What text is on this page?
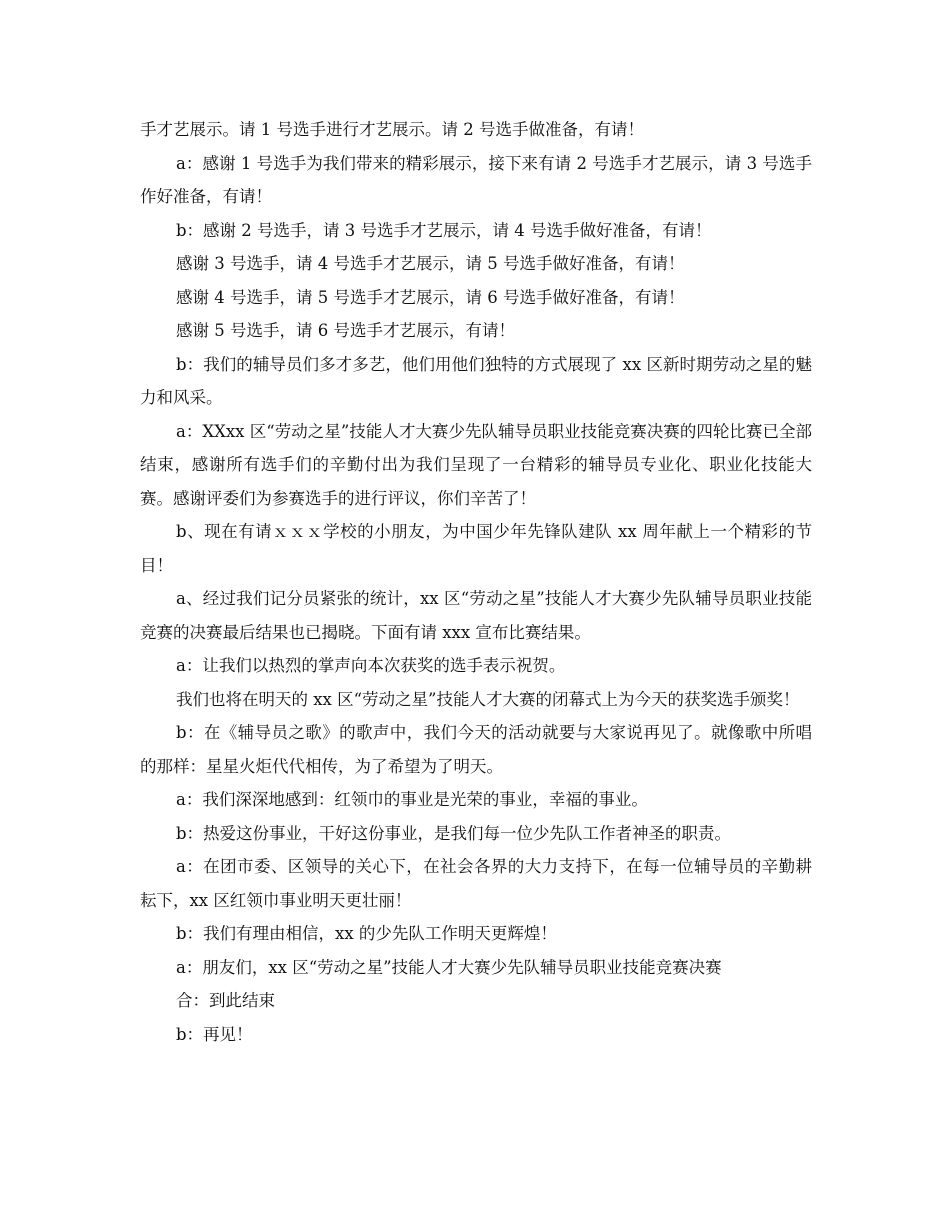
手才艺展示。请 1 号选手进行才艺展示。请 2 号选手做准备，有请！

a：感谢 1 号选手为我们带来的精彩展示，接下来有请 2 号选手才艺展示，请 3 号选手作好准备，有请！

b：感谢 2 号选手，请 3 号选手才艺展示，请 4 号选手做好准备，有请！

感谢 3 号选手，请 4 号选手才艺展示，请 5 号选手做好准备，有请！

感谢 4 号选手，请 5 号选手才艺展示，请 6 号选手做好准备，有请！

感谢 5 号选手，请 6 号选手才艺展示，有请！

b：我们的辅导员们多才多艺，他们用他们独特的方式展现了 xx 区新时期劳动之星的魅力和风采。

a：XXxx 区“劳动之星”技能人才大赛少先队辅导员职业技能竞赛决赛的四轮比赛已全部结束，感谢所有选手们的辛勤付出为我们呈现了一台精彩的辅导员专业化、职业化技能大赛。感谢评委们为参赛选手的进行评议，你们辛苦了！

b、现在有请ｘｘｘ学校的小朋友，为中国少年先锋队建队 xx 周年献上一个精彩的节目！

a、经过我们记分员紧张的统计，xx 区“劳动之星”技能人才大赛少先队辅导员职业技能竞赛的决赛最后结果也已揭晓。下面有请 xxx 宣布比赛结果。

a：让我们以热烈的掌声向本次获奖的选手表示祝贺。

我们也将在明天的 xx 区“劳动之星”技能人才大赛的闭幕式上为今天的获奖选手颁奖！

b：在《辅导员之歌》的歌声中，我们今天的活动就要与大家说再见了。就像歌中所唱的那样：星星火炬代代相传，为了希望为了明天。

a：我们深深地感到：红领巾的事业是光荣的事业，幸福的事业。

b：热爱这份事业，干好这份事业，是我们每一位少先队工作者神圣的职责。

a：在团市委、区领导的关心下，在社会各界的大力支持下，在每一位辅导员的辛勤耕耘下，xx 区红领巾事业明天更壮丽！

b：我们有理由相信，xx 的少先队工作明天更辉煌！

a：朋友们，xx 区“劳动之星”技能人才大赛少先队辅导员职业技能竞赛决赛

合：到此结束

b：再见！
